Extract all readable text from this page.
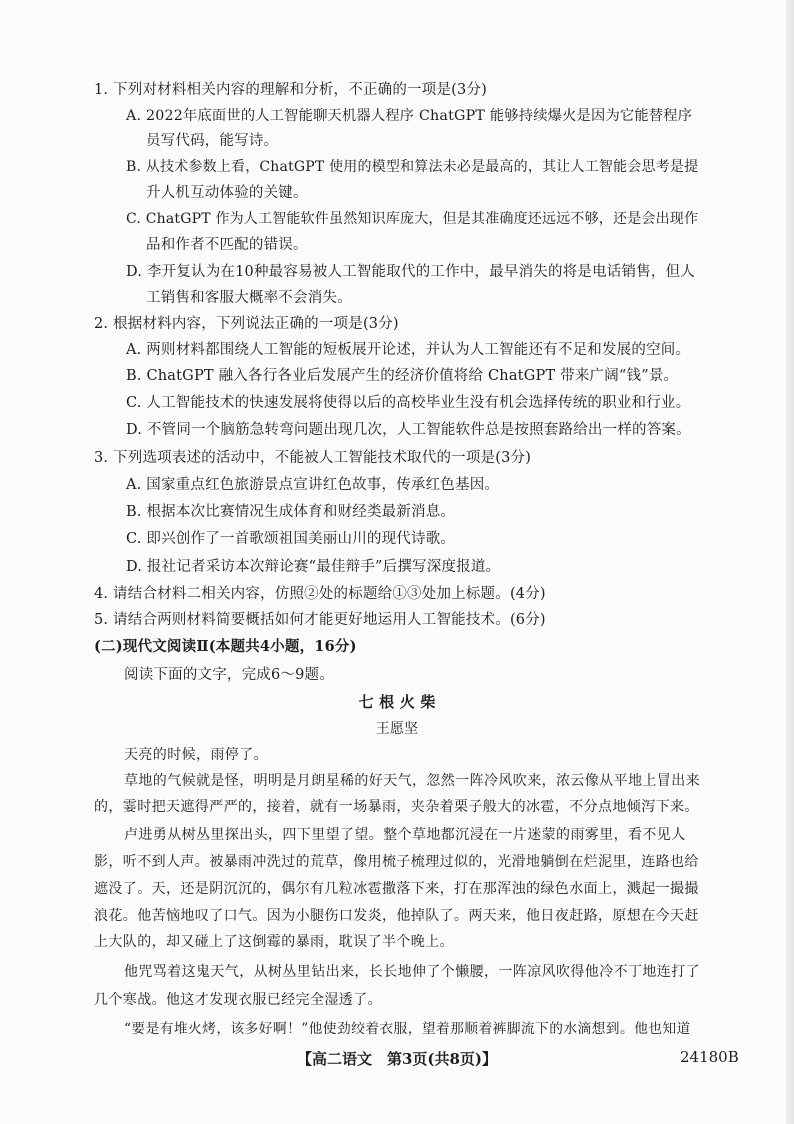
1. 下列对材料相关内容的理解和分析，不正确的一项是(3分)
A. 2022年底面世的人工智能聊天机器人程序 ChatGPT 能够持续爆火是因为它能替程序
员写代码，能写诗。
B. 从技术参数上看，ChatGPT 使用的模型和算法未必是最高的，其让人工智能会思考是提
升人机互动体验的关键。
C. ChatGPT 作为人工智能软件虽然知识库庞大，但是其准确度还远远不够，还是会出现作
品和作者不匹配的错误。
D. 李开复认为在10种最容易被人工智能取代的工作中，最早消失的将是电话销售，但人
工销售和客服大概率不会消失。
2. 根据材料内容，下列说法正确的一项是(3分)
A. 两则材料都围绕人工智能的短板展开论述，并认为人工智能还有不足和发展的空间。
B. ChatGPT 融入各行各业后发展产生的经济价值将给 ChatGPT 带来广阔“钱”景。
C. 人工智能技术的快速发展将使得以后的高校毕业生没有机会选择传统的职业和行业。
D. 不管同一个脑筋急转弯问题出现几次，人工智能软件总是按照套路给出一样的答案。
3. 下列选项表述的活动中，不能被人工智能技术取代的一项是(3分)
A. 国家重点红色旅游景点宣讲红色故事，传承红色基因。
B. 根据本次比赛情况生成体育和财经类最新消息。
C. 即兴创作了一首歌颂祖国美丽山川的现代诗歌。
D. 报社记者采访本次辩论赛“最佳辩手”后撰写深度报道。
4. 请结合材料二相关内容，仿照②处的标题给①③处加上标题。(4分)
5. 请结合两则材料简要概括如何才能更好地运用人工智能技术。(6分)
(二)现代文阅读Ⅱ(本题共4小题，16分)
阅读下面的文字，完成6～9题。
七 根 火 柴
王愿坚
天亮的时候，雨停了。
草地的气候就是怪，明明是月朗星稀的好天气，忽然一阵冷风吹来，浓云像从平地上冒出来
的，霎时把天遮得严严的，接着，就有一场暴雨，夹杂着栗子般大的冰雹，不分点地倾泻下来。
卢进勇从树丛里探出头，四下里望了望。整个草地都沉浸在一片迷蒙的雨雾里，看不见人
影，听不到人声。被暴雨冲洗过的荒草，像用梳子梳理过似的，光滑地躺倒在烂泥里，连路也给
遮没了。天，还是阴沉沉的，偶尔有几粒冰雹撒落下来，打在那浑浊的绿色水面上，溅起一撮撮
浪花。他苦恼地叹了口气。因为小腿伤口发炎，他掉队了。两天来，他日夜赶路，原想在今天赶
上大队的，却又碰上了这倒霉的暴雨，耽误了半个晚上。
他咒骂着这鬼天气，从树丛里钻出来，长长地伸了个懒腰，一阵凉风吹得他冷不丁地连打了
几个寒战。他这才发现衣服已经完全湿透了。
“要是有堆火烤，该多好啊！”他使劲绞着衣服，望着那顺着裤脚流下的水滴想到。他也知道
【高二语文　第3页(共8页)】	24180B
